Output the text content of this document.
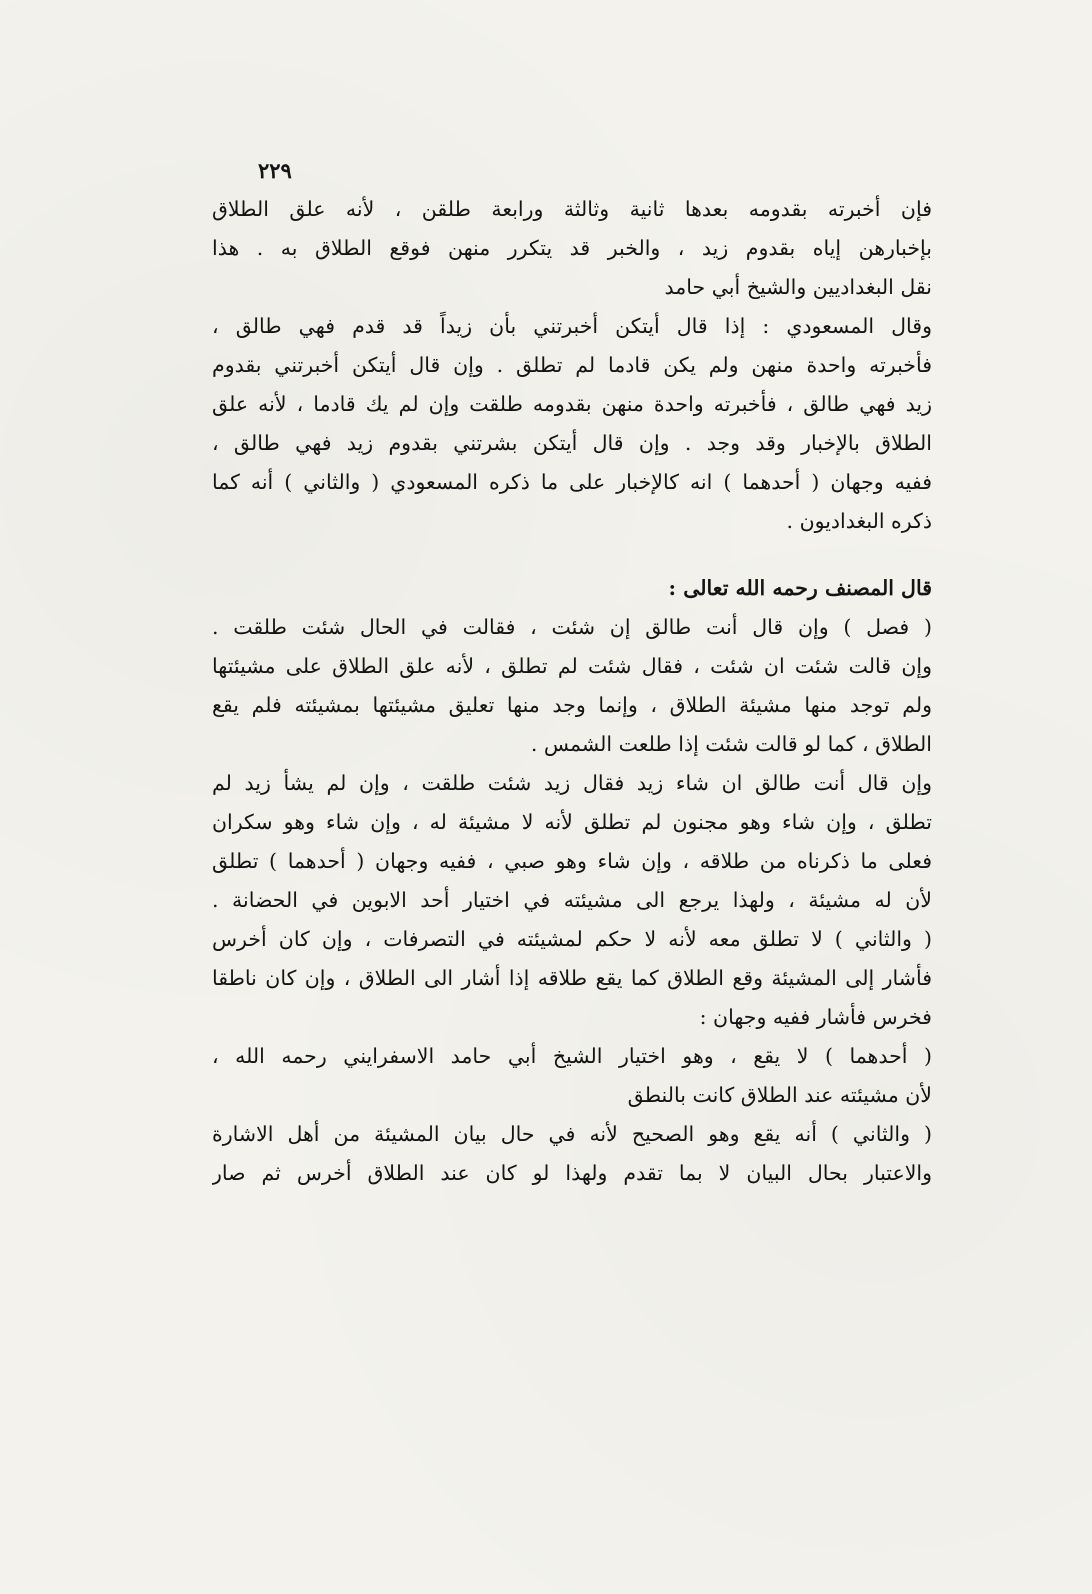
٢٢٩
فإن أخبرته بقدومه بعدها ثانية وثالثة ورابعة طلقن ، لأنه علق الطلاق
بإخبارهن إياه بقدوم زيد ، والخبر قد يتكرر منهن فوقع الطلاق به . هذا
نقل البغداديين والشيخ أبي حامد
وقال المسعودي : إذا قال أيتكن أخبرتني بأن زيداً قد قدم فهي طالق ،
فأخبرته واحدة منهن ولم يكن قادما لم تطلق . وإن قال أيتكن أخبرتني بقدوم
زيد فهي طالق ، فأخبرته واحدة منهن بقدومه طلقت وإن لم يك قادما ، لأنه علق
الطلاق بالإخبار وقد وجد . وإن قال أيتكن بشرتني بقدوم زيد فهي طالق ،
ففيه وجهان ( أحدهما ) انه كالإخبار على ما ذكره المسعودي ( والثاني ) أنه كما
ذكره البغداديون .
قال المصنف رحمه الله تعالى :
( فصل ) وإن قال أنت طالق إن شئت ، فقالت في الحال شئت طلقت .
وإن قالت شئت ان شئت ، فقال شئت لم تطلق ، لأنه علق الطلاق على مشيئتها
ولم توجد منها مشيئة الطلاق ، وإنما وجد منها تعليق مشيئتها بمشيئته فلم يقع
الطلاق ، كما لو قالت شئت إذا طلعت الشمس .
وإن قال أنت طالق ان شاء زيد فقال زيد شئت طلقت ، وإن لم يشأ زيد لم
تطلق ، وإن شاء وهو مجنون لم تطلق لأنه لا مشيئة له ، وإن شاء وهو سكران
فعلى ما ذكرناه من طلاقه ، وإن شاء وهو صبي ، ففيه وجهان ( أحدهما ) تطلق
لأن له مشيئة ، ولهذا يرجع الى مشيئته في اختيار أحد الابوين في الحضانة .
( والثاني ) لا تطلق معه لأنه لا حكم لمشيئته في التصرفات ، وإن كان أخرس
فأشار إلى المشيئة وقع الطلاق كما يقع طلاقه إذا أشار الى الطلاق ، وإن كان ناطقا
فخرس فأشار ففيه وجهان :
( أحدهما ) لا يقع ، وهو اختيار الشيخ أبي حامد الاسفرايني رحمه الله ،
لأن مشيئته عند الطلاق كانت بالنطق
( والثاني ) أنه يقع وهو الصحيح لأنه في حال بيان المشيئة من أهل الاشارة
والاعتبار بحال البيان لا بما تقدم ولهذا لو كان عند الطلاق أخرس ثم صار
